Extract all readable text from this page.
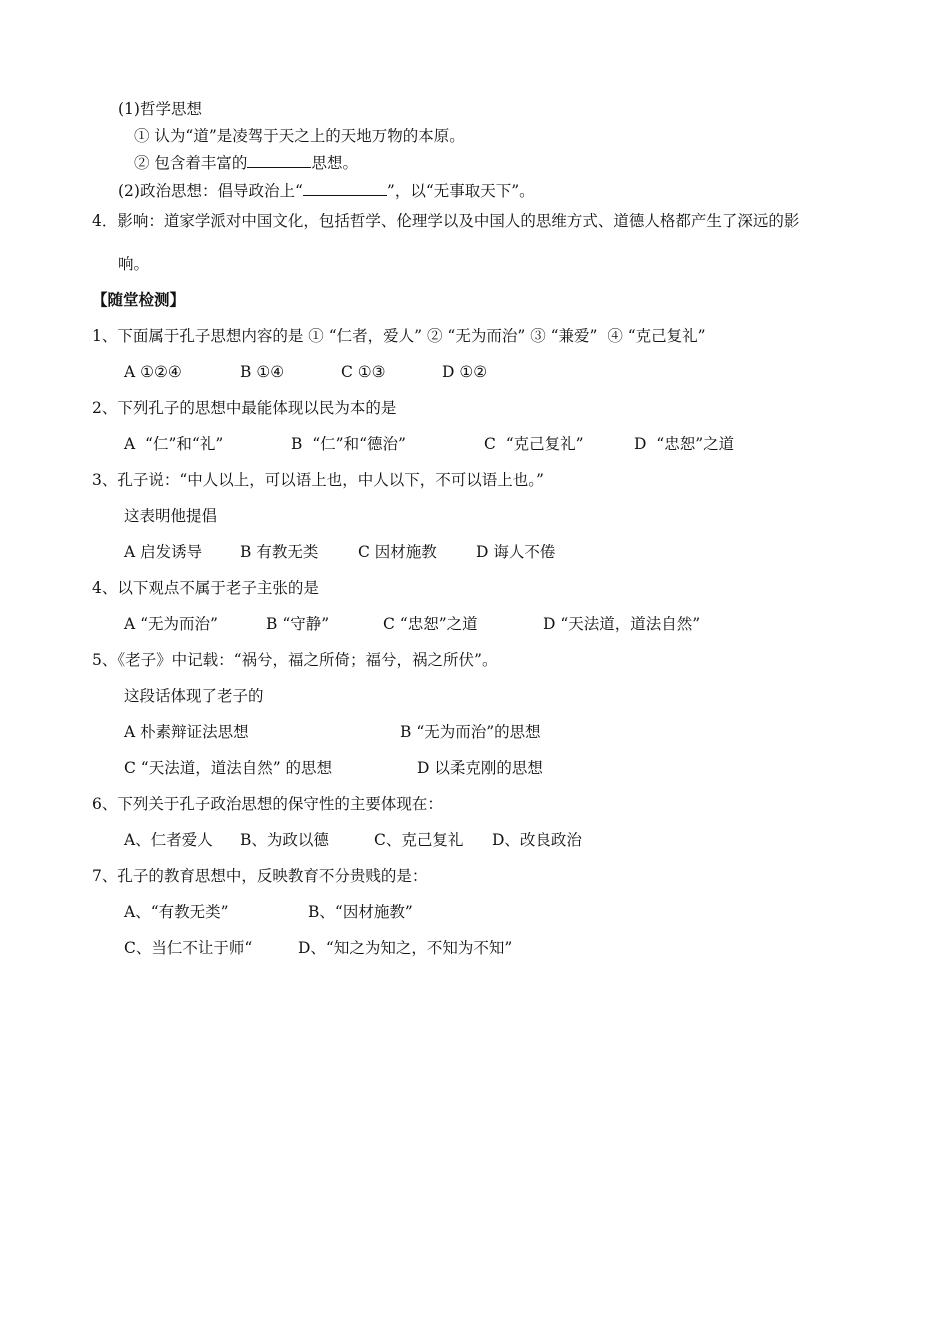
(1)哲学思想
① 认为“道”是凌驾于天之上的天地万物的本原。
② 包含着丰富的	思想。
(2)政治思想：倡导政治上“	”，以“无事取天下”。
4．影响：道家学派对中国文化，包括哲学、伦理学以及中国人的思维方式、道德人格都产生了深远的影
响。
【随堂检测】
1、下面属于孔子思想内容的是 ① “仁者，爱人” ② “无为而治” ③ “兼爱”  ④ “克己复礼”
A ①②④	B ①④	C ①③	D ①②
2、下列孔子的思想中最能体现以民为本的是
A  “仁”和“礼”	B  “仁”和“德治”	C  “克己复礼”	D  “忠恕”之道
3、孔子说：“中人以上，可以语上也，中人以下，不可以语上也。”
这表明他提倡
A 启发诱导 B 有教无类	C 因材施教	D 诲人不倦
4、以下观点不属于老子主张的是
A “无为而治”	B “守静”	C “忠恕”之道	D “天法道，道法自然”
5、《老子》中记载：“祸兮，福之所倚；福兮，祸之所伏”。
这段话体现了老子的
A 朴素辩证法思想	B “无为而治”的思想
C “天法道，道法自然” 的思想	D 以柔克刚的思想
6、下列关于孔子政治思想的保守性的主要体现在：
A、仁者爱人 B、为政以德	C、克己复礼 D、改良政治
7、孔子的教育思想中，反映教育不分贵贱的是：
A、“有教无类”	B、“因材施教”
C、当仁不让于师“	D、“知之为知之，不知为不知”
